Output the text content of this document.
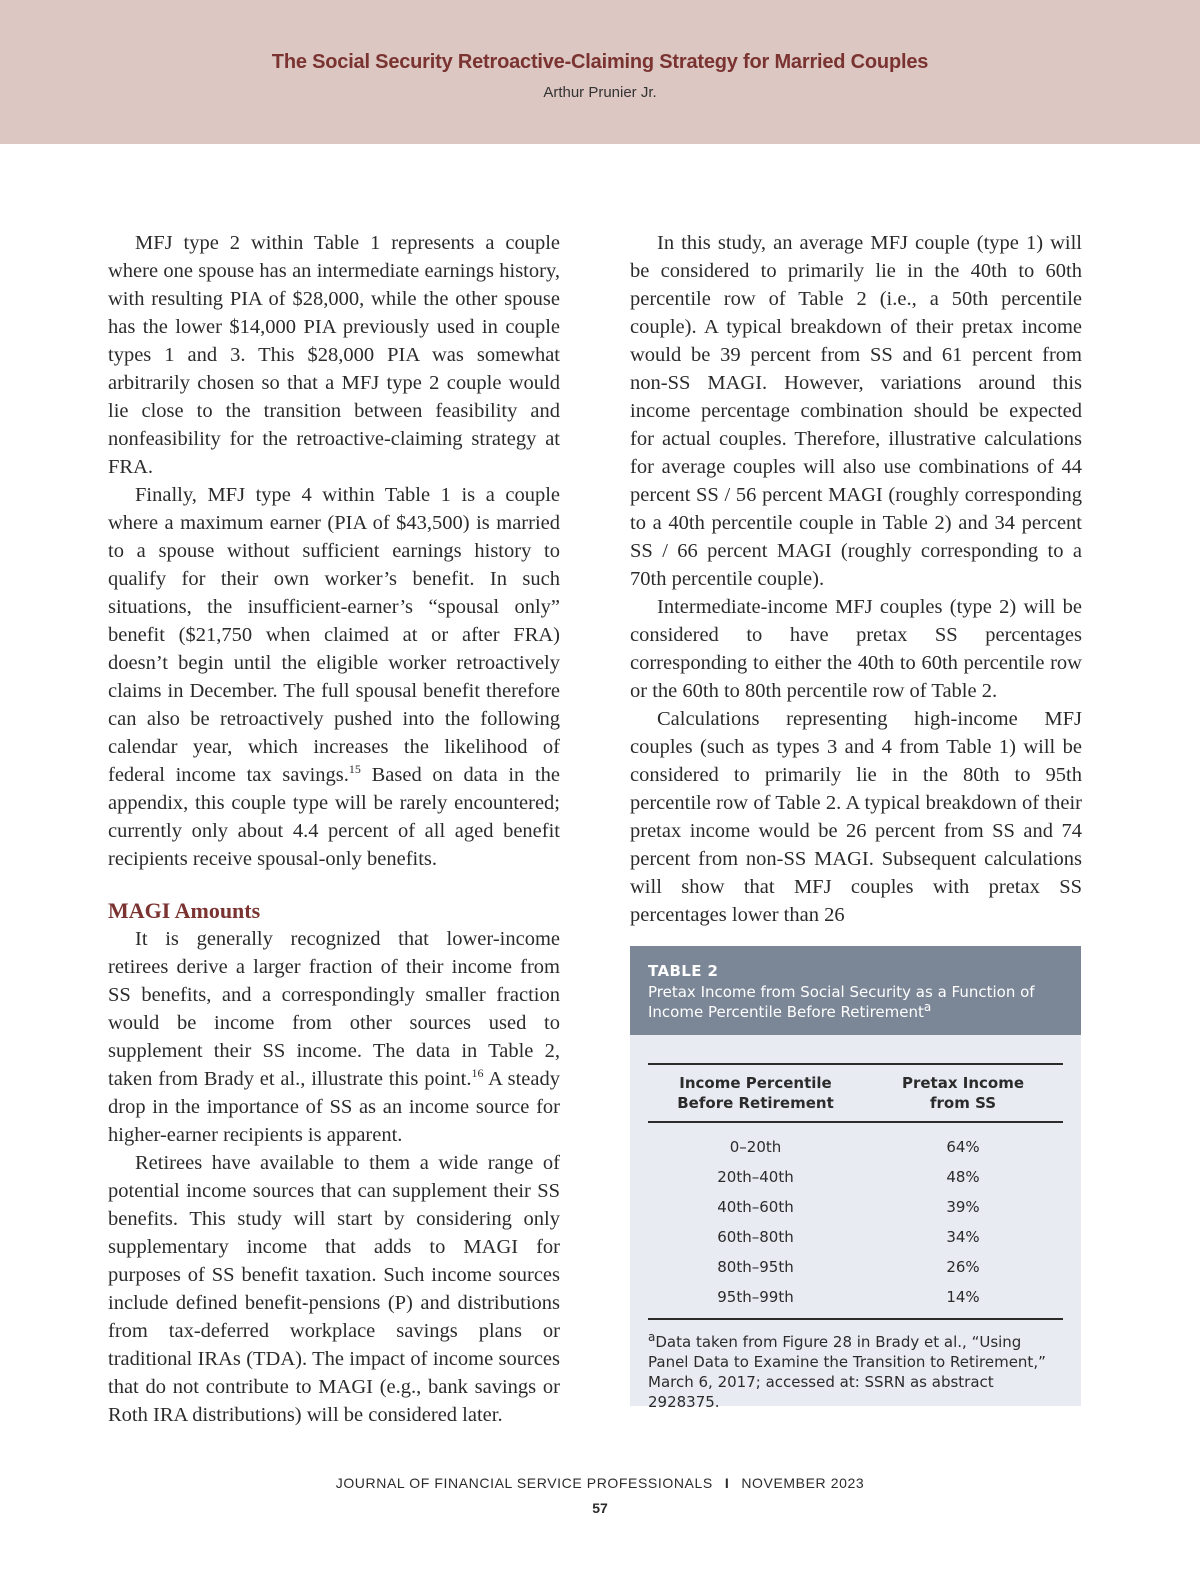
The Social Security Retroactive-Claiming Strategy for Married Couples
Arthur Prunier Jr.

MFJ type 2 within Table 1 represents a couple where one spouse has an intermediate earnings history, with resulting PIA of $28,000, while the other spouse has the lower $14,000 PIA previously used in couple types 1 and 3. This $28,000 PIA was somewhat arbitrarily chosen so that a MFJ type 2 couple would lie close to the transition between feasibility and nonfeasibility for the retroactive-claiming strategy at FRA.

Finally, MFJ type 4 within Table 1 is a couple where a maximum earner (PIA of $43,500) is married to a spouse without sufficient earnings history to qualify for their own worker’s benefit. In such situations, the insufficient-earner’s “spousal only” benefit ($21,750 when claimed at or after FRA) doesn’t begin until the eligible worker retroactively claims in December. The full spousal benefit therefore can also be retroactively pushed into the following calendar year, which increases the likelihood of federal income tax savings.$^{15}$ Based on data in the appendix, this couple type will be rarely encountered; currently only about 4.4 percent of all aged benefit recipients receive spousal-only benefits.

MAGI Amounts

It is generally recognized that lower-income retirees derive a larger fraction of their income from SS benefits, and a correspondingly smaller fraction would be income from other sources used to supplement their SS income. The data in Table 2, taken from Brady et al., illustrate this point.$^{16}$ A steady drop in the importance of SS as an income source for higher-earner recipients is apparent.

Retirees have available to them a wide range of potential income sources that can supplement their SS benefits. This study will start by considering only supplementary income that adds to MAGI for purposes of SS benefit taxation. Such income sources include defined benefit-pensions (P) and distributions from tax-deferred workplace savings plans or traditional IRAs (TDA). The impact of income sources that do not contribute to MAGI (e.g., bank savings or Roth IRA distributions) will be considered later.

In this study, an average MFJ couple (type 1) will be considered to primarily lie in the 40th to 60th percentile row of Table 2 (i.e., a 50th percentile couple). A typical breakdown of their pretax income would be 39 percent from SS and 61 percent from non-SS MAGI. However, variations around this income percentage combination should be expected for actual couples. Therefore, illustrative calculations for average couples will also use combinations of 44 percent SS / 56 percent MAGI (roughly corresponding to a 40th percentile couple in Table 2) and 34 percent SS / 66 percent MAGI (roughly corresponding to a 70th percentile couple).

Intermediate-income MFJ couples (type 2) will be considered to have pretax SS percentages corresponding to either the 40th to 60th percentile row or the 60th to 80th percentile row of Table 2.

Calculations representing high-income MFJ couples (such as types 3 and 4 from Table 1) will be considered to primarily lie in the 80th to 95th percentile row of Table 2. A typical breakdown of their pretax income would be 26 percent from SS and 74 percent from non-SS MAGI. Subsequent calculations will show that MFJ couples with pretax SS percentages lower than 26

TABLE 2
Pretax Income from Social Security as a Function of Income Percentile Before Retirement$^a$
Income Percentile
Before Retirement
Pretax Income
from SS
0–20th	64%
20th–40th	48%
40th–60th	39%
60th–80th	34%
80th–95th	26%
95th–99th	14%
$^a$Data taken from Figure 28 in Brady et al., “Using Panel Data to Examine the Transition to Retirement,” March 6, 2017; accessed at: SSRN as abstract 2928375.
JOURNAL OF FINANCIAL SERVICE PROFESSIONALS I NOVEMBER 2023
57
